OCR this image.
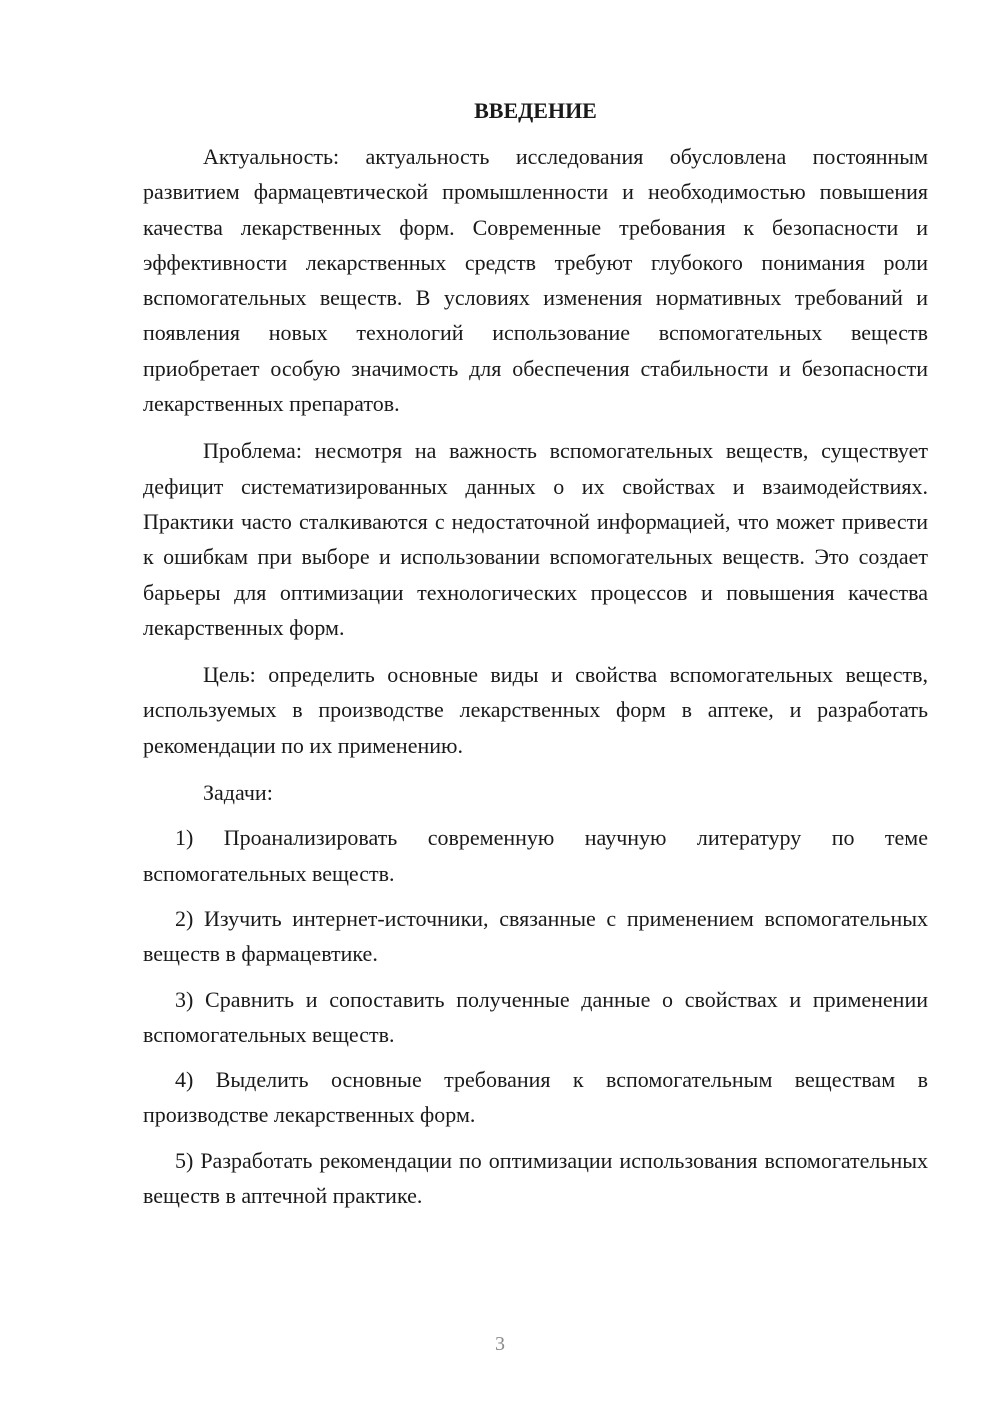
ВВЕДЕНИЕ

Актуальность: актуальность исследования обусловлена постоянным развитием фармацевтической промышленности и необходимостью повышения качества лекарственных форм. Современные требования к безопасности и эффективности лекарственных средств требуют глубокого понимания роли вспомогательных веществ. В условиях изменения нормативных требований и появления новых технологий использование вспомогательных веществ приобретает особую значимость для обеспечения стабильности и безопасности лекарственных препаратов.

Проблема: несмотря на важность вспомогательных веществ, существует дефицит систематизированных данных о их свойствах и взаимодействиях. Практики часто сталкиваются с недостаточной информацией, что может привести к ошибкам при выборе и использовании вспомогательных веществ. Это создает барьеры для оптимизации технологических процессов и повышения качества лекарственных форм.

Цель: определить основные виды и свойства вспомогательных веществ, используемых в производстве лекарственных форм в аптеке, и разработать рекомендации по их применению.

Задачи:

1) Проанализировать современную научную литературу по теме вспомогательных веществ.

2) Изучить интернет-источники, связанные с применением вспомогательных веществ в фармацевтике.

3) Сравнить и сопоставить полученные данные о свойствах и применении вспомогательных веществ.

4) Выделить основные требования к вспомогательным веществам в производстве лекарственных форм.

5) Разработать рекомендации по оптимизации использования вспомогательных веществ в аптечной практике.

3
